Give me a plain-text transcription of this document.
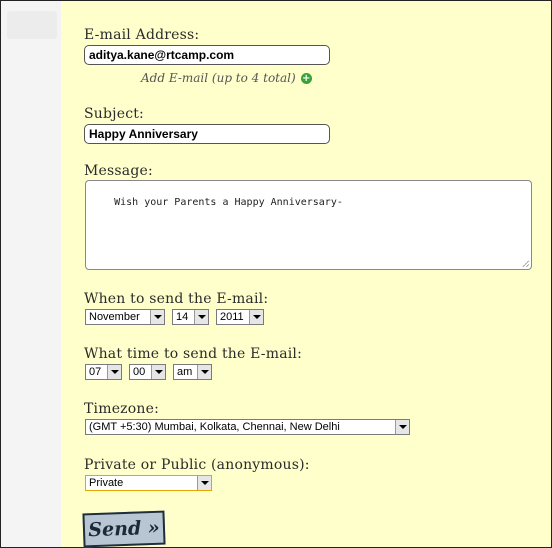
E-mail Address:
aditya.kane@rtcamp.com
Add E-mail (up to 4 total) +
Subject:
Happy Anniversary
Message:

Wish your Parents a Happy Anniversary-

When to send the E-mail:
November	14	2011
What time to send the E-mail:
07	00	am
Timezone:
(GMT +5:30) Mumbai, Kolkata, Chennai, New Delhi
Private or Public (anonymous):
Private
Send »
